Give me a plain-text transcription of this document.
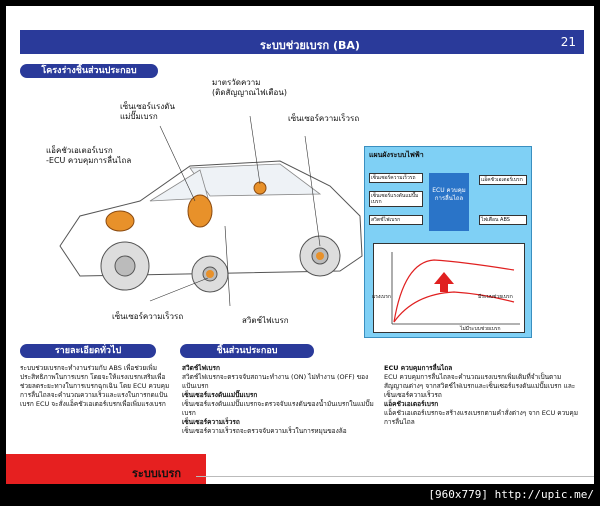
ระบบช่วยเบรก (BA)	21
โครงร่างชิ้นส่วนประกอบ
เซ็นเซอร์แรงดัน
แม่ปั๊มเบรก
มาตรวัดความ
(ติดสัญญาณไฟเตือน)
เซ็นเซอร์ความเร็วรถ
แอ็คชัวเอเตอร์เบรก
-ECU ควบคุมการลื่นไถล
เซ็นเซอร์ความเร็วรถ	สวิตช์ไฟเบรก
แผนผังระบบไฟฟ้า
เซ็นเซอร์ความเร็วรถ
เซ็นเซอร์แรงดันแม่ปั๊มเบรก
สวิตช์ไฟเบรก
ECU ควบคุมการลื่นไถล
แอ็คชัวเอเตอร์เบรก
ไฟเตือน ABS
แรงเบรก	มีระบบช่วยเบรก
ไม่มีระบบช่วยเบรก
รายละเอียดทั่วไป	ชิ้นส่วนประกอบ
ระบบช่วยเบรกจะทำงานร่วมกับ ABS เพื่อช่วยเพิ่มประสิทธิภาพในการเบรก โดยจะให้แรงเบรกเสริมเพื่อช่วยลดระยะทางในการเบรกฉุกเฉิน โดย ECU ควบคุมการลื่นไถลจะคำนวณความเร็วและแรงในการกดแป้นเบรก ECU จะสั่งแอ็คชัวเอเตอร์เบรกเพื่อเพิ่มแรงเบรก
สวิตช์ไฟเบรก
สวิตช์ไฟเบรกจะตรวจจับสถานะทำงาน (ON) ไม่ทำงาน (OFF) ของแป้นเบรก
เซ็นเซอร์แรงดันแม่ปั๊มเบรก
เซ็นเซอร์แรงดันแม่ปั๊มเบรกจะตรวจจับแรงดันของน้ำมันเบรกในแม่ปั๊มเบรก
เซ็นเซอร์ความเร็วรถ
เซ็นเซอร์ความเร็วรถจะตรวจจับความเร็วในการหมุนของล้อ
ECU ควบคุมการลื่นไถล
ECU ควบคุมการลื่นไถลจะคำนวณแรงเบรกเพิ่มเติมที่จำเป็นตามสัญญาณต่างๆ จากสวิตช์ไฟเบรกและเซ็นเซอร์แรงดันแม่ปั๊มเบรก และเซ็นเซอร์ความเร็วรถ
แอ็คชัวเอเตอร์เบรก
แอ็คชัวเอเตอร์เบรกจะสร้างแรงเบรกตามคำสั่งต่างๆ จาก ECU ควบคุมการลื่นไถล
ระบบเบรก
[960x779] http://upic.me/
